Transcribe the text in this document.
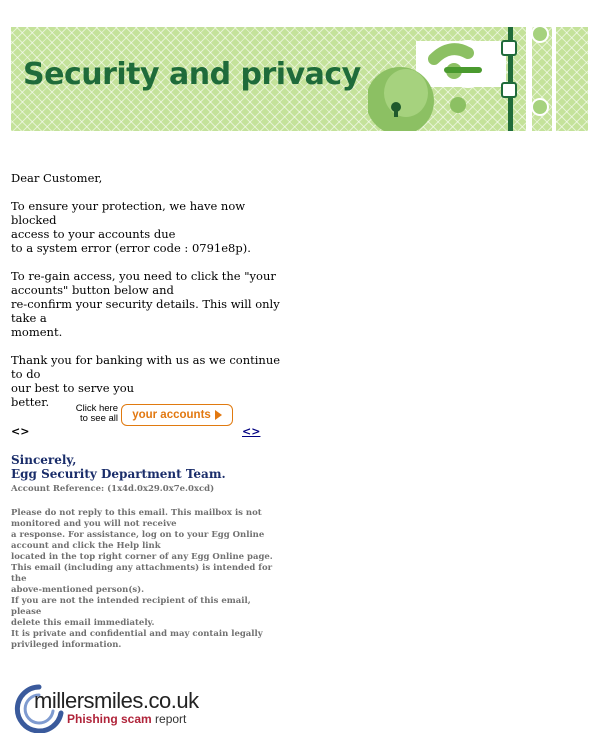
Security and privacy

Dear Customer,

To ensure your protection, we have now blocked
access to your accounts due
to a system error (error code : 0791e8p).

To re-gain access, you need to click the "your
accounts" button below and
re-confirm your security details. This will only take a
moment.

Thank you for banking with us as we continue to do
our best to serve you
better.	Click here to see all	your accounts
<>	<>
Sincerely,
Egg Security Department Team.
Account Reference: (1x4d.0x29.0x7e.0xcd)
Please do not reply to this email. This mailbox is not
monitored and you will not receive
a response. For assistance, log on to your Egg Online
account and click the Help link
located in the top right corner of any Egg Online page.
This email (including any attachments) is intended for the
above-mentioned person(s).
If you are not the intended recipient of this email, please
delete this email immediately.
It is private and confidential and may contain legally
privileged information.
millersmiles.co.uk
Phishing scam report
